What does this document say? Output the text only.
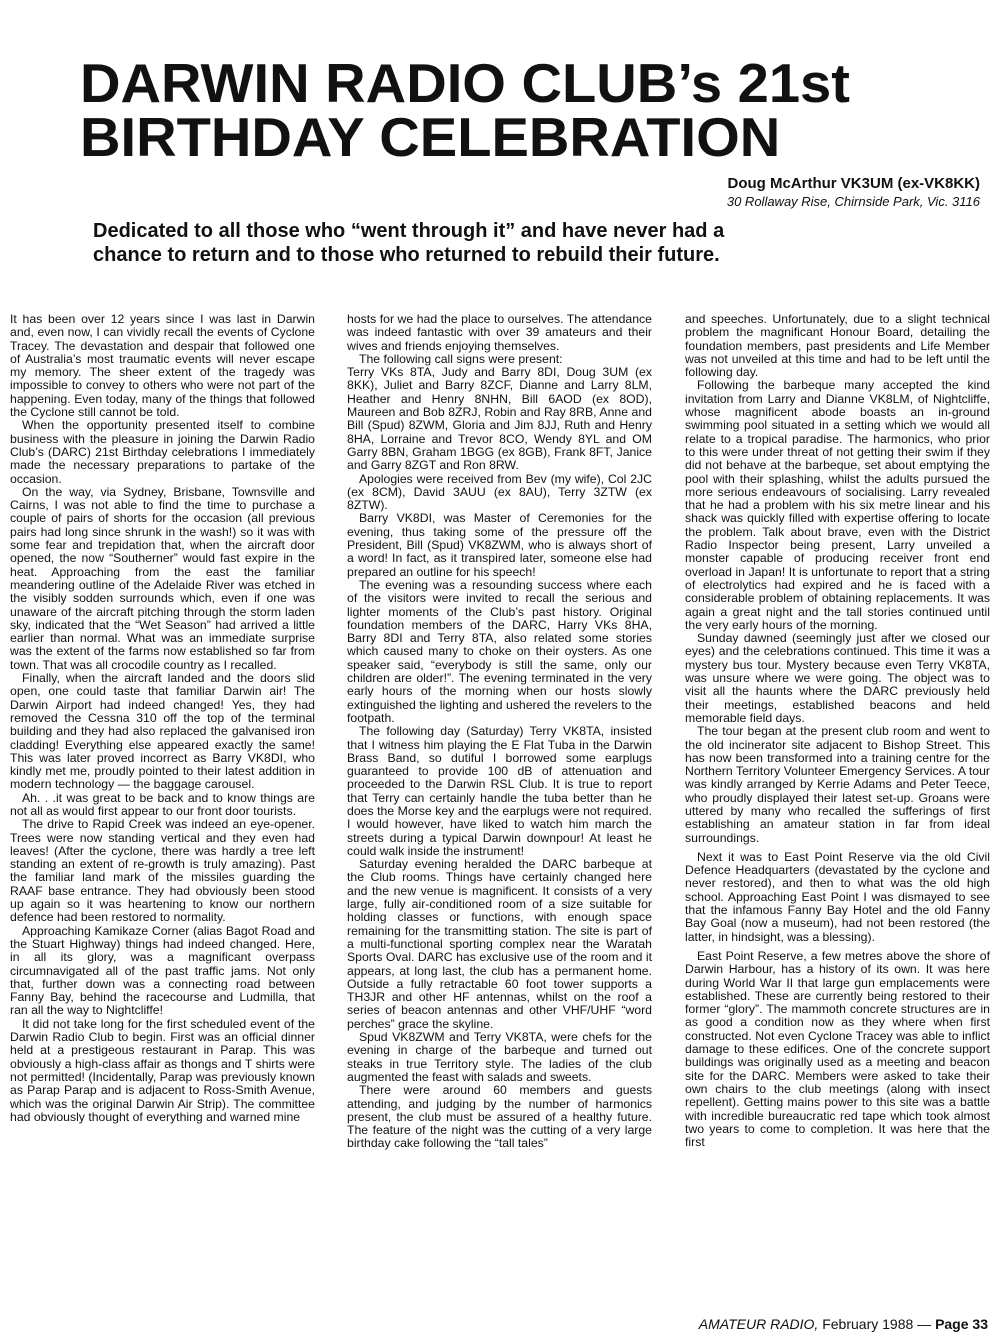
DARWIN RADIO CLUB’s 21st
BIRTHDAY CELEBRATION
Doug McArthur VK3UM (ex-VK8KK)
30 Rollaway Rise, Chirnside Park, Vic. 3116
Dedicated to all those who “went through it” and have never had a chance to return and to those who returned to rebuild their future.

It has been over 12 years since I was last in Darwin and, even now, I can vividly recall the events of Cyclone Tracey. The devastation and despair that followed one of Australia’s most traumatic events will never escape my memory. The sheer extent of the tragedy was impossible to convey to others who were not part of the happening. Even today, many of the things that followed the Cyclone still cannot be told.

When the opportunity presented itself to combine business with the pleasure in joining the Darwin Radio Club’s (DARC) 21st Birthday celebrations I immediately made the necessary preparations to partake of the occasion.

On the way, via Sydney, Brisbane, Townsville and Cairns, I was not able to find the time to purchase a couple of pairs of shorts for the occasion (all previous pairs had long since shrunk in the wash!) so it was with some fear and trepidation that, when the aircraft door opened, the now “Southerner” would fast expire in the heat. Approaching from the east the familiar meandering outline of the Adelaide River was etched in the visibly sodden surrounds which, even if one was unaware of the aircraft pitching through the storm laden sky, indicated that the “Wet Season” had arrived a little earlier than normal. What was an immediate surprise was the extent of the farms now established so far from town. That was all crocodile country as I recalled.

Finally, when the aircraft landed and the doors slid open, one could taste that familiar Darwin air! The Darwin Airport had indeed changed! Yes, they had removed the Cessna 310 off the top of the terminal building and they had also replaced the galvanised iron cladding! Everything else appeared exactly the same! This was later proved incorrect as Barry VK8DI, who kindly met me, proudly pointed to their latest addition in modern technology — the baggage carousel.

Ah. . .it was great to be back and to know things are not all as would first appear to our front door tourists.

The drive to Rapid Creek was indeed an eye-opener. Trees were now standing vertical and they even had leaves! (After the cyclone, there was hardly a tree left standing an extent of re-growth is truly amazing). Past the familiar land mark of the missiles guarding the RAAF base entrance. They had obviously been stood up again so it was heartening to know our northern defence had been restored to normality.

Approaching Kamikaze Corner (alias Bagot Road and the Stuart Highway) things had indeed changed. Here, in all its glory, was a magnificant overpass circumnavigated all of the past traffic jams. Not only that, further down was a connecting road between Fanny Bay, behind the racecourse and Ludmilla, that ran all the way to Nightcliffe!

It did not take long for the first scheduled event of the Darwin Radio Club to begin. First was an official dinner held at a prestigeous restaurant in Parap. This was obviously a high-class affair as thongs and T shirts were not permitted! (Incidentally, Parap was previously known as Parap Parap and is adjacent to Ross-Smith Avenue, which was the original Darwin Air Strip). The committee had obviously thought of everything and warned mine

hosts for we had the place to ourselves. The attendance was indeed fantastic with over 39 amateurs and their wives and friends enjoying themselves.

The following call signs were present:

Terry VKs 8TA, Judy and Barry 8DI, Doug 3UM (ex 8KK), Juliet and Barry 8ZCF, Dianne and Larry 8LM, Heather and Henry 8NHN, Bill 6AOD (ex 8OD), Maureen and Bob 8ZRJ, Robin and Ray 8RB, Anne and Bill (Spud) 8ZWM, Gloria and Jim 8JJ, Ruth and Henry 8HA, Lorraine and Trevor 8CO, Wendy 8YL and OM Garry 8BN, Graham 1BGG (ex 8GB), Frank 8FT, Janice and Garry 8ZGT and Ron 8RW.

Apologies were received from Bev (my wife), Col 2JC (ex 8CM), David 3AUU (ex 8AU), Terry 3ZTW (ex 8ZTW).

Barry VK8DI, was Master of Ceremonies for the evening, thus taking some of the pressure off the President, Bill (Spud) VK8ZWM, who is always short of a word! In fact, as it transpired later, someone else had prepared an outline for his speech!

The evening was a resounding success where each of the visitors were invited to recall the serious and lighter moments of the Club’s past history. Original foundation members of the DARC, Harry VKs 8HA, Barry 8DI and Terry 8TA, also related some stories which caused many to choke on their oysters. As one speaker said, “everybody is still the same, only our children are older!”. The evening terminated in the very early hours of the morning when our hosts slowly extinguished the lighting and ushered the revelers to the footpath.

The following day (Saturday) Terry VK8TA, insisted that I witness him playing the E Flat Tuba in the Darwin Brass Band, so dutiful I borrowed some earplugs guaranteed to provide 100 dB of attenuation and proceeded to the Darwin RSL Club. It is true to report that Terry can certainly handle the tuba better than he does the Morse key and the earplugs were not required. I would however, have liked to watch him march the streets during a typical Darwin downpour! At least he could walk inside the instrument!

Saturday evening heralded the DARC barbeque at the Club rooms. Things have certainly changed here and the new venue is magnificent. It consists of a very large, fully air-conditioned room of a size suitable for holding classes or functions, with enough space remaining for the transmitting station. The site is part of a multi-functional sporting complex near the Waratah Sports Oval. DARC has exclusive use of the room and it appears, at long last, the club has a permanent home. Outside a fully retractable 60 foot tower supports a TH3JR and other HF antennas, whilst on the roof a series of beacon antennas and other VHF/UHF “word perches” grace the skyline.

Spud VK8ZWM and Terry VK8TA, were chefs for the evening in charge of the barbeque and turned out steaks in true Territory style. The ladies of the club augmented the feast with salads and sweets.

There were around 60 members and guests attending, and judging by the number of harmonics present, the club must be assured of a healthy future. The feature of the night was the cutting of a very large birthday cake following the “tall tales”

and speeches. Unfortunately, due to a slight technical problem the magnificant Honour Board, detailing the foundation members, past presidents and Life Member was not unveiled at this time and had to be left until the following day.

Following the barbeque many accepted the kind invitation from Larry and Dianne VK8LM, of Nightcliffe, whose magnificent abode boasts an in-ground swimming pool situated in a setting which we would all relate to a tropical paradise. The harmonics, who prior to this were under threat of not getting their swim if they did not behave at the barbeque, set about emptying the pool with their splashing, whilst the adults pursued the more serious endeavours of socialising. Larry revealed that he had a problem with his six metre linear and his shack was quickly filled with expertise offering to locate the problem. Talk about brave, even with the District Radio Inspector being present, Larry unveiled a monster capable of producing receiver front end overload in Japan! It is unfortunate to report that a string of electrolytics had expired and he is faced with a considerable problem of obtaining replacements. It was again a great night and the tall stories continued until the very early hours of the morning.

Sunday dawned (seemingly just after we closed our eyes) and the celebrations continued. This time it was a mystery bus tour. Mystery because even Terry VK8TA, was unsure where we were going. The object was to visit all the haunts where the DARC previously held their meetings, established beacons and held memorable field days.

The tour began at the present club room and went to the old incinerator site adjacent to Bishop Street. This has now been transformed into a training centre for the Northern Territory Volunteer Emergency Services. A tour was kindly arranged by Kerrie Adams and Peter Teece, who proudly displayed their latest set-up. Groans were uttered by many who recalled the sufferings of first establishing an amateur station in far from ideal surroundings.

Next it was to East Point Reserve via the old Civil Defence Headquarters (devastated by the cyclone and never restored), and then to what was the old high school. Approaching East Point I was dismayed to see that the infamous Fanny Bay Hotel and the old Fanny Bay Goal (now a museum), had not been restored (the latter, in hindsight, was a blessing).

East Point Reserve, a few metres above the shore of Darwin Harbour, has a history of its own. It was here during World War II that large gun emplacements were established. These are currently being restored to their former “glory”. The mammoth concrete structures are in as good a condition now as they where when first constructed. Not even Cyclone Tracey was able to inflict damage to these edifices. One of the concrete support buildings was originally used as a meeting and beacon site for the DARC. Members were asked to take their own chairs to the club meetings (along with insect repellent). Getting mains power to this site was a battle with incredible bureaucratic red tape which took almost two years to come to completion. It was here that the first

AMATEUR RADIO, February 1988 — Page 33
